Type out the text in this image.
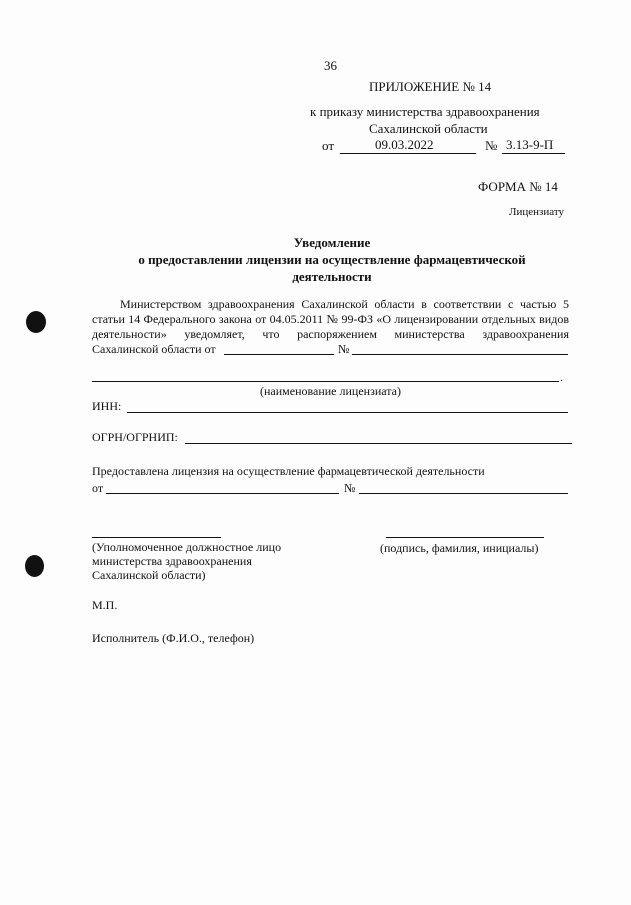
36
ПРИЛОЖЕНИЕ № 14
к приказу министерства здравоохранения
Сахалинской области
от	09.03.2022	№ 3.13-9-П
ФОРМА № 14
Лицензиату
Уведомление
о предоставлении лицензии на осуществление фармацевтической
деятельности
Министерством здравоохранения Сахалинской области в соответствии с частью 5
статьи 14 Федерального закона от 04.05.2011 № 99-ФЗ «О лицензировании отдельных видов
деятельности» уведомляет, что распоряжением министерства здравоохранения
Сахалинской области от	№
.
(наименование лицензиата)
ИНН:
ОГРН/ОГРНИП:
Предоставлена лицензия на осуществление фармацевтической деятельности
от	№
(Уполномоченное должностное лицо
министерства здравоохранения
Сахалинской области)
(подпись, фамилия, инициалы)
М.П.
Исполнитель (Ф.И.О., телефон)
